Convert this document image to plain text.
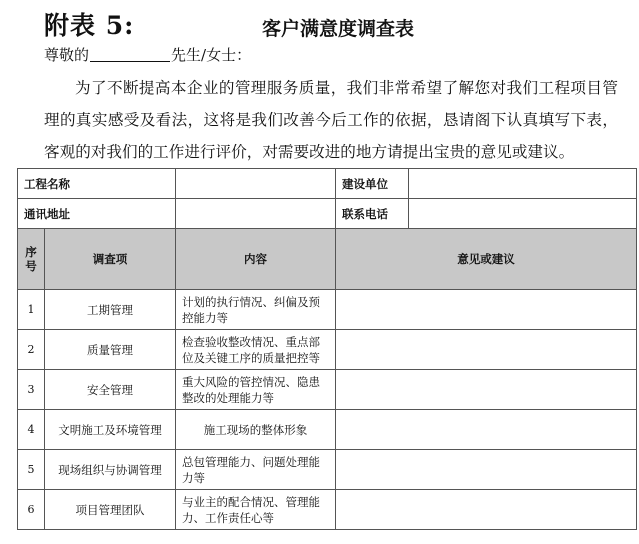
附表 5:	客户满意度调查表
尊敬的	先生/女士：
为了不断提高本企业的管理服务质量，我们非常希望了解您对我们工程项目管理的真实感受及看法，这将是我们改善今后工作的依据，恳请阁下认真填写下表，客观的对我们的工作进行评价，对需要改进的地方请提出宝贵的意见或建议。
工程名称			建设单位	
通讯地址			联系电话	
序号	调查项	内容	意见或建议	
1	工期管理	计划的执行情况、纠偏及预控能力等		
2	质量管理	检查验收整改情况、重点部位及关键工序的质量把控等		
3	安全管理	重大风险的管控情况、隐患整改的处理能力等		
4	文明施工及环境管理	施工现场的整体形象		
5	现场组织与协调管理	总包管理能力、问题处理能力等		
6	项目管理团队	与业主的配合情况、管理能力、工作责任心等		
